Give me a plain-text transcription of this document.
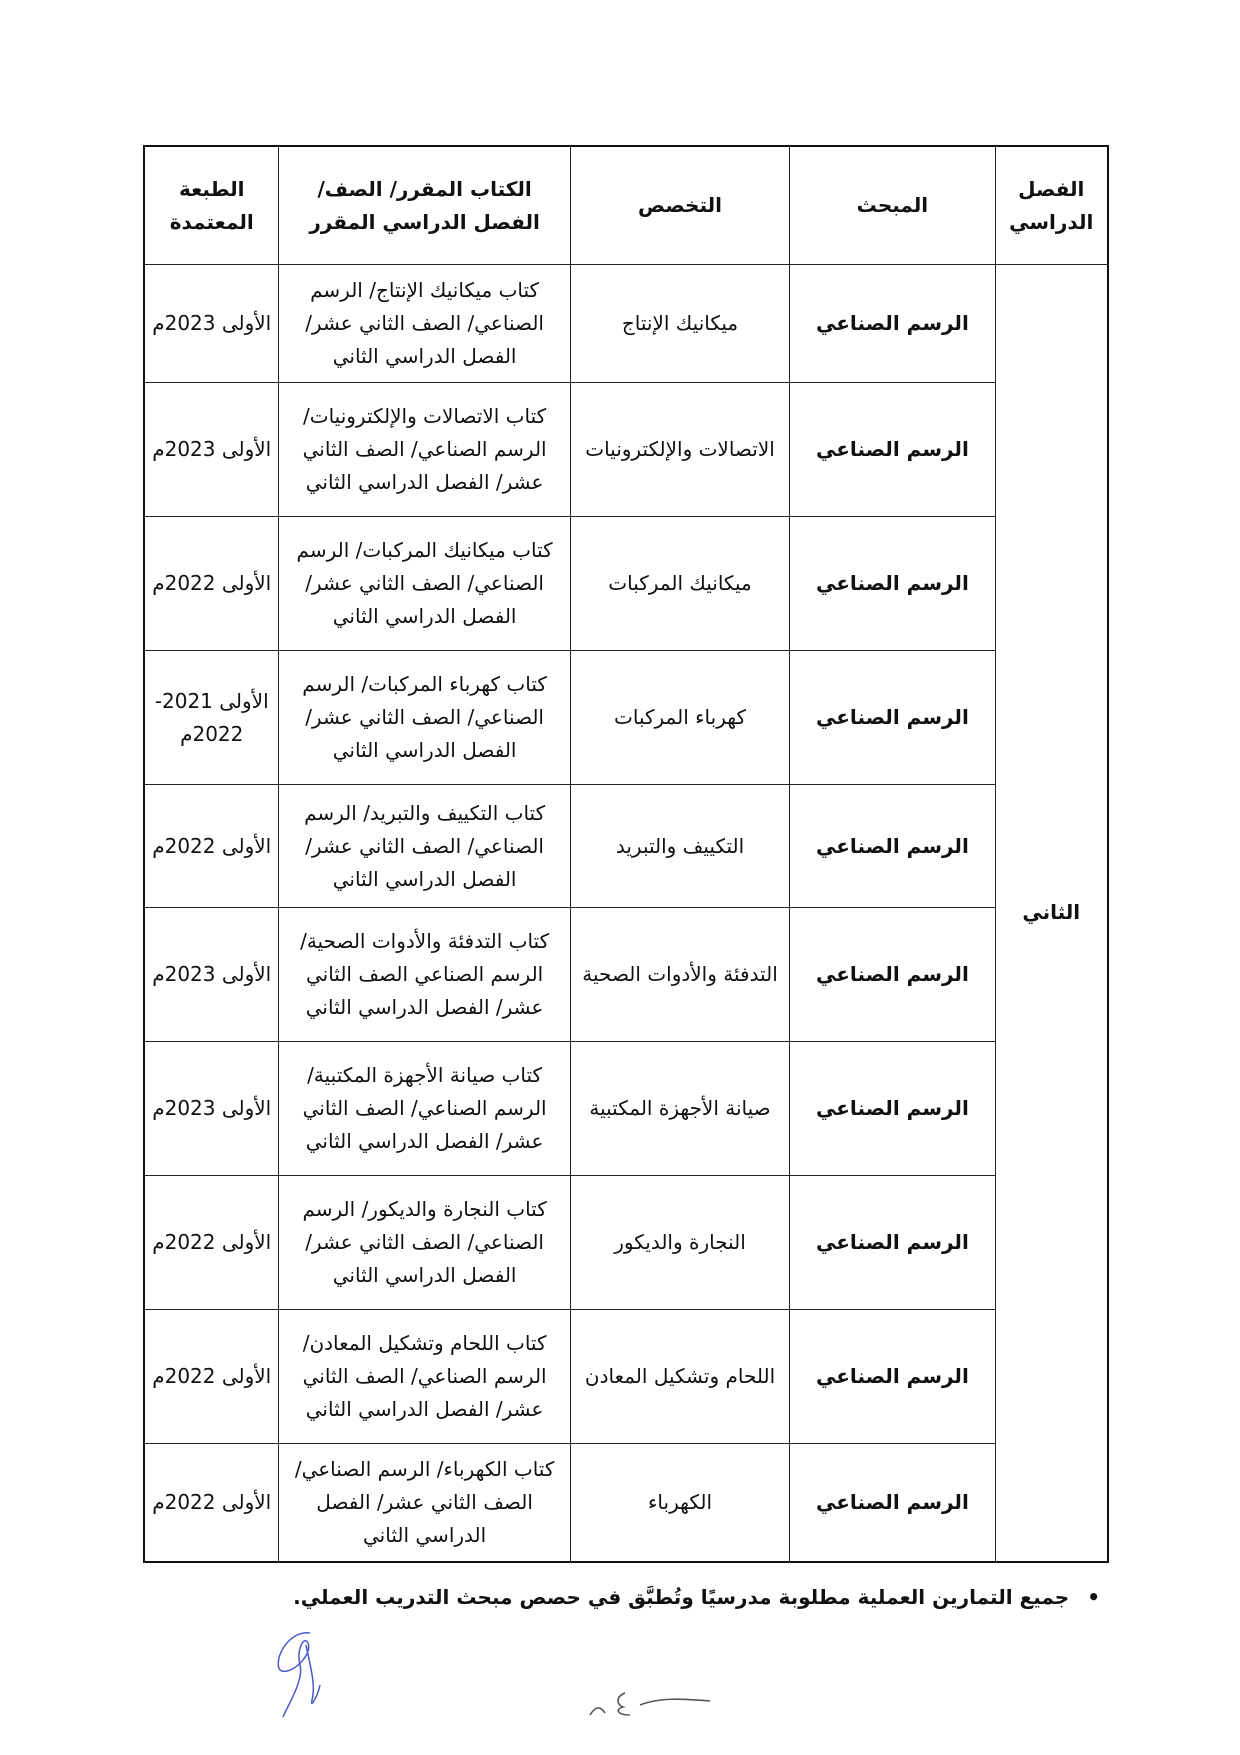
الفصل الدراسي	المبحث	التخصص	الكتاب المقرر/ الصف/ الفصل الدراسي المقرر	الطبعة المعتمدة
الثاني	الرسم الصناعي	ميكانيك الإنتاج	كتاب ميكانيك الإنتاج/ الرسم الصناعي/ الصف الثاني عشر/ الفصل الدراسي الثاني	الأولى 2023م
	الرسم الصناعي	الاتصالات والإلكترونيات	كتاب الاتصالات والإلكترونيات/ الرسم الصناعي/ الصف الثاني عشر/ الفصل الدراسي الثاني	الأولى 2023م
	الرسم الصناعي	ميكانيك المركبات	كتاب ميكانيك المركبات/ الرسم الصناعي/ الصف الثاني عشر/ الفصل الدراسي الثاني	الأولى 2022م
	الرسم الصناعي	كهرباء المركبات	كتاب كهرباء المركبات/ الرسم الصناعي/ الصف الثاني عشر/ الفصل الدراسي الثاني	الأولى 2021-2022م
	الرسم الصناعي	التكييف والتبريد	كتاب التكييف والتبريد/ الرسم الصناعي/ الصف الثاني عشر/ الفصل الدراسي الثاني	الأولى 2022م
	الرسم الصناعي	التدفئة والأدوات الصحية	كتاب التدفئة والأدوات الصحية/ الرسم الصناعي الصف الثاني عشر/ الفصل الدراسي الثاني	الأولى 2023م
	الرسم الصناعي	صيانة الأجهزة المكتبية	كتاب صيانة الأجهزة المكتبية/ الرسم الصناعي/ الصف الثاني عشر/ الفصل الدراسي الثاني	الأولى 2023م
	الرسم الصناعي	النجارة والديكور	كتاب النجارة والديكور/ الرسم الصناعي/ الصف الثاني عشر/ الفصل الدراسي الثاني	الأولى 2022م
	الرسم الصناعي	اللحام وتشكيل المعادن	كتاب اللحام وتشكيل المعادن/ الرسم الصناعي/ الصف الثاني عشر/ الفصل الدراسي الثاني	الأولى 2022م
	الرسم الصناعي	الكهرباء	كتاب الكهرباء/ الرسم الصناعي/ الصف الثاني عشر/ الفصل الدراسي الثاني	الأولى 2022م
•جميع التمارين العملية مطلوبة مدرسيًا وتُطبَّق في حصص مبحث التدريب العملي.
